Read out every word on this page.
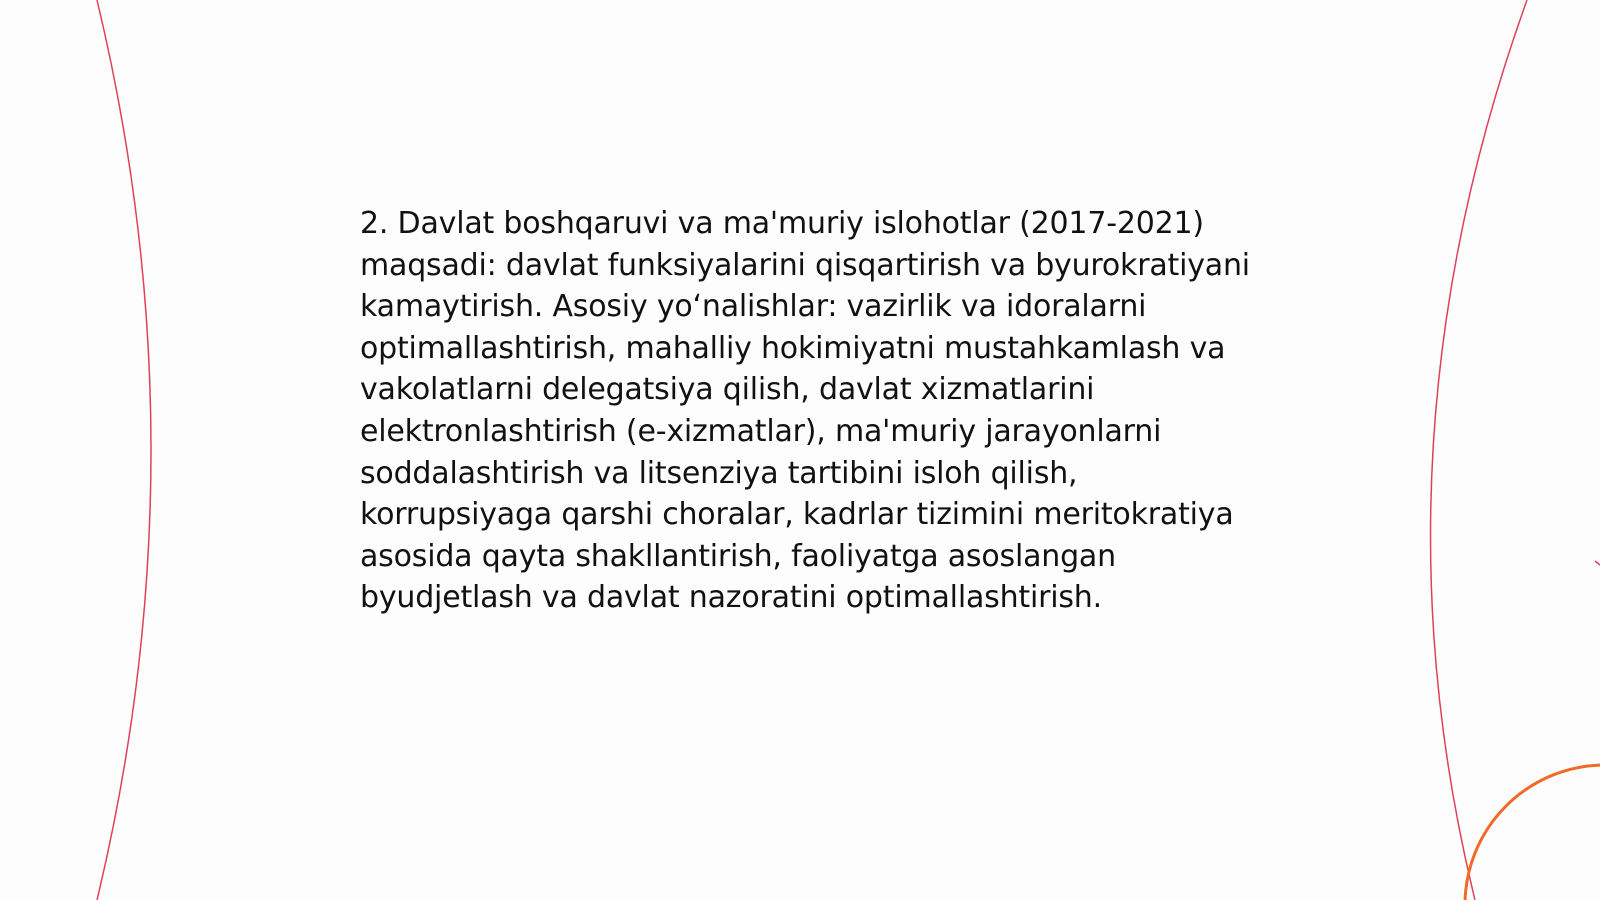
2. Davlat boshqaruvi va ma'muriy islohotlar (2017-2021) maqsadi: davlat funksiyalarini qisqartirish va byurokratiyani kamaytirish. Asosiy yo‘nalishlar: vazirlik va idoralarni optimallashtirish, mahalliy hokimiyatni mustahkamlash va vakolatlarni delegatsiya qilish, davlat xizmatlarini elektronlashtirish (e-xizmatlar), ma'muriy jarayonlarni soddalashtirish va litsenziya tartibini isloh qilish, korrupsiyaga qarshi choralar, kadrlar tizimini meritokratiya asosida qayta shakllantirish, faoliyatga asoslangan byudjetlash va davlat nazoratini optimallashtirish.
